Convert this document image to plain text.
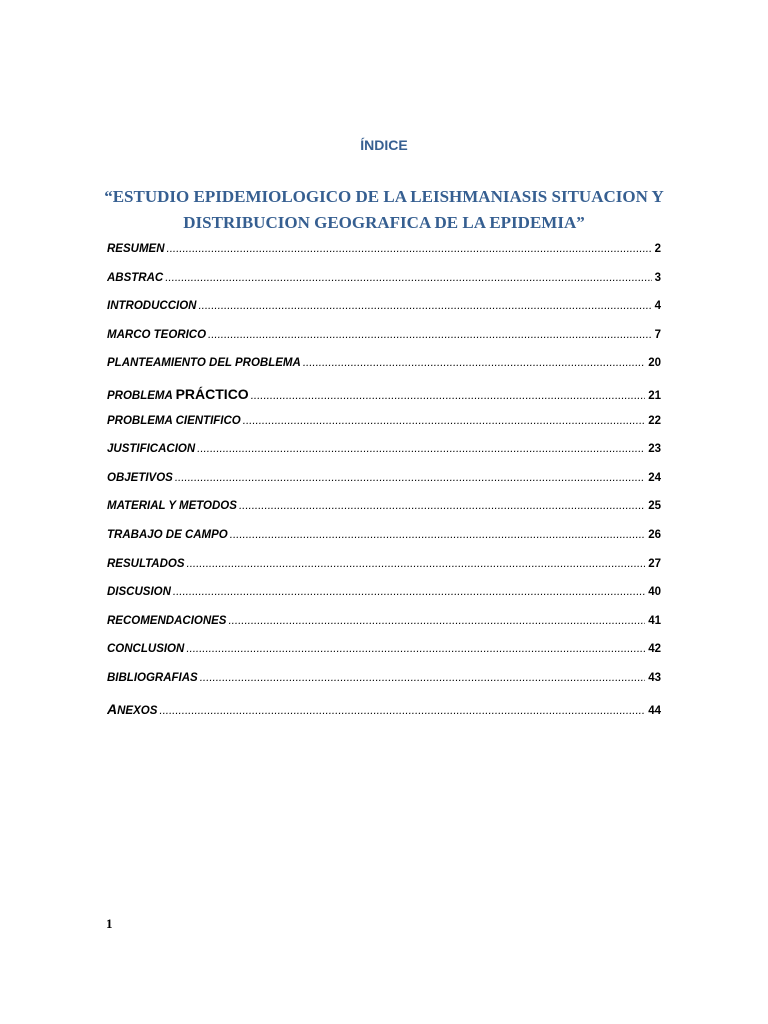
ÍNDICE
“ESTUDIO EPIDEMIOLOGICO DE LA LEISHMANIASIS SITUACION Y
DISTRIBUCION GEOGRAFICA DE LA EPIDEMIA”
RESUMEN .....	2
ABSTRAC .....	3
INTRODUCCIÓN .....	4
MARCO TEORICO .....	7
PLANTEAMIENTO DEL PROBLEMA .....	20
PROBLEMA PRÁCTICO .....	21
PROBLEMA CIENTÍFICO .....	22
JUSTIFICACIÓN .....	23
OBJETIVOS .....	24
MATERIAL Y METODOS .....	25
TRABAJO DE CAMPO .....	26
RESULTADOS .....	27
DISCUSION .....	40
RECOMENDACIONES .....	41
CONCLUSION .....	42
BIBLIOGRAFIAS .....	43
ANEXOS .....	44
1
